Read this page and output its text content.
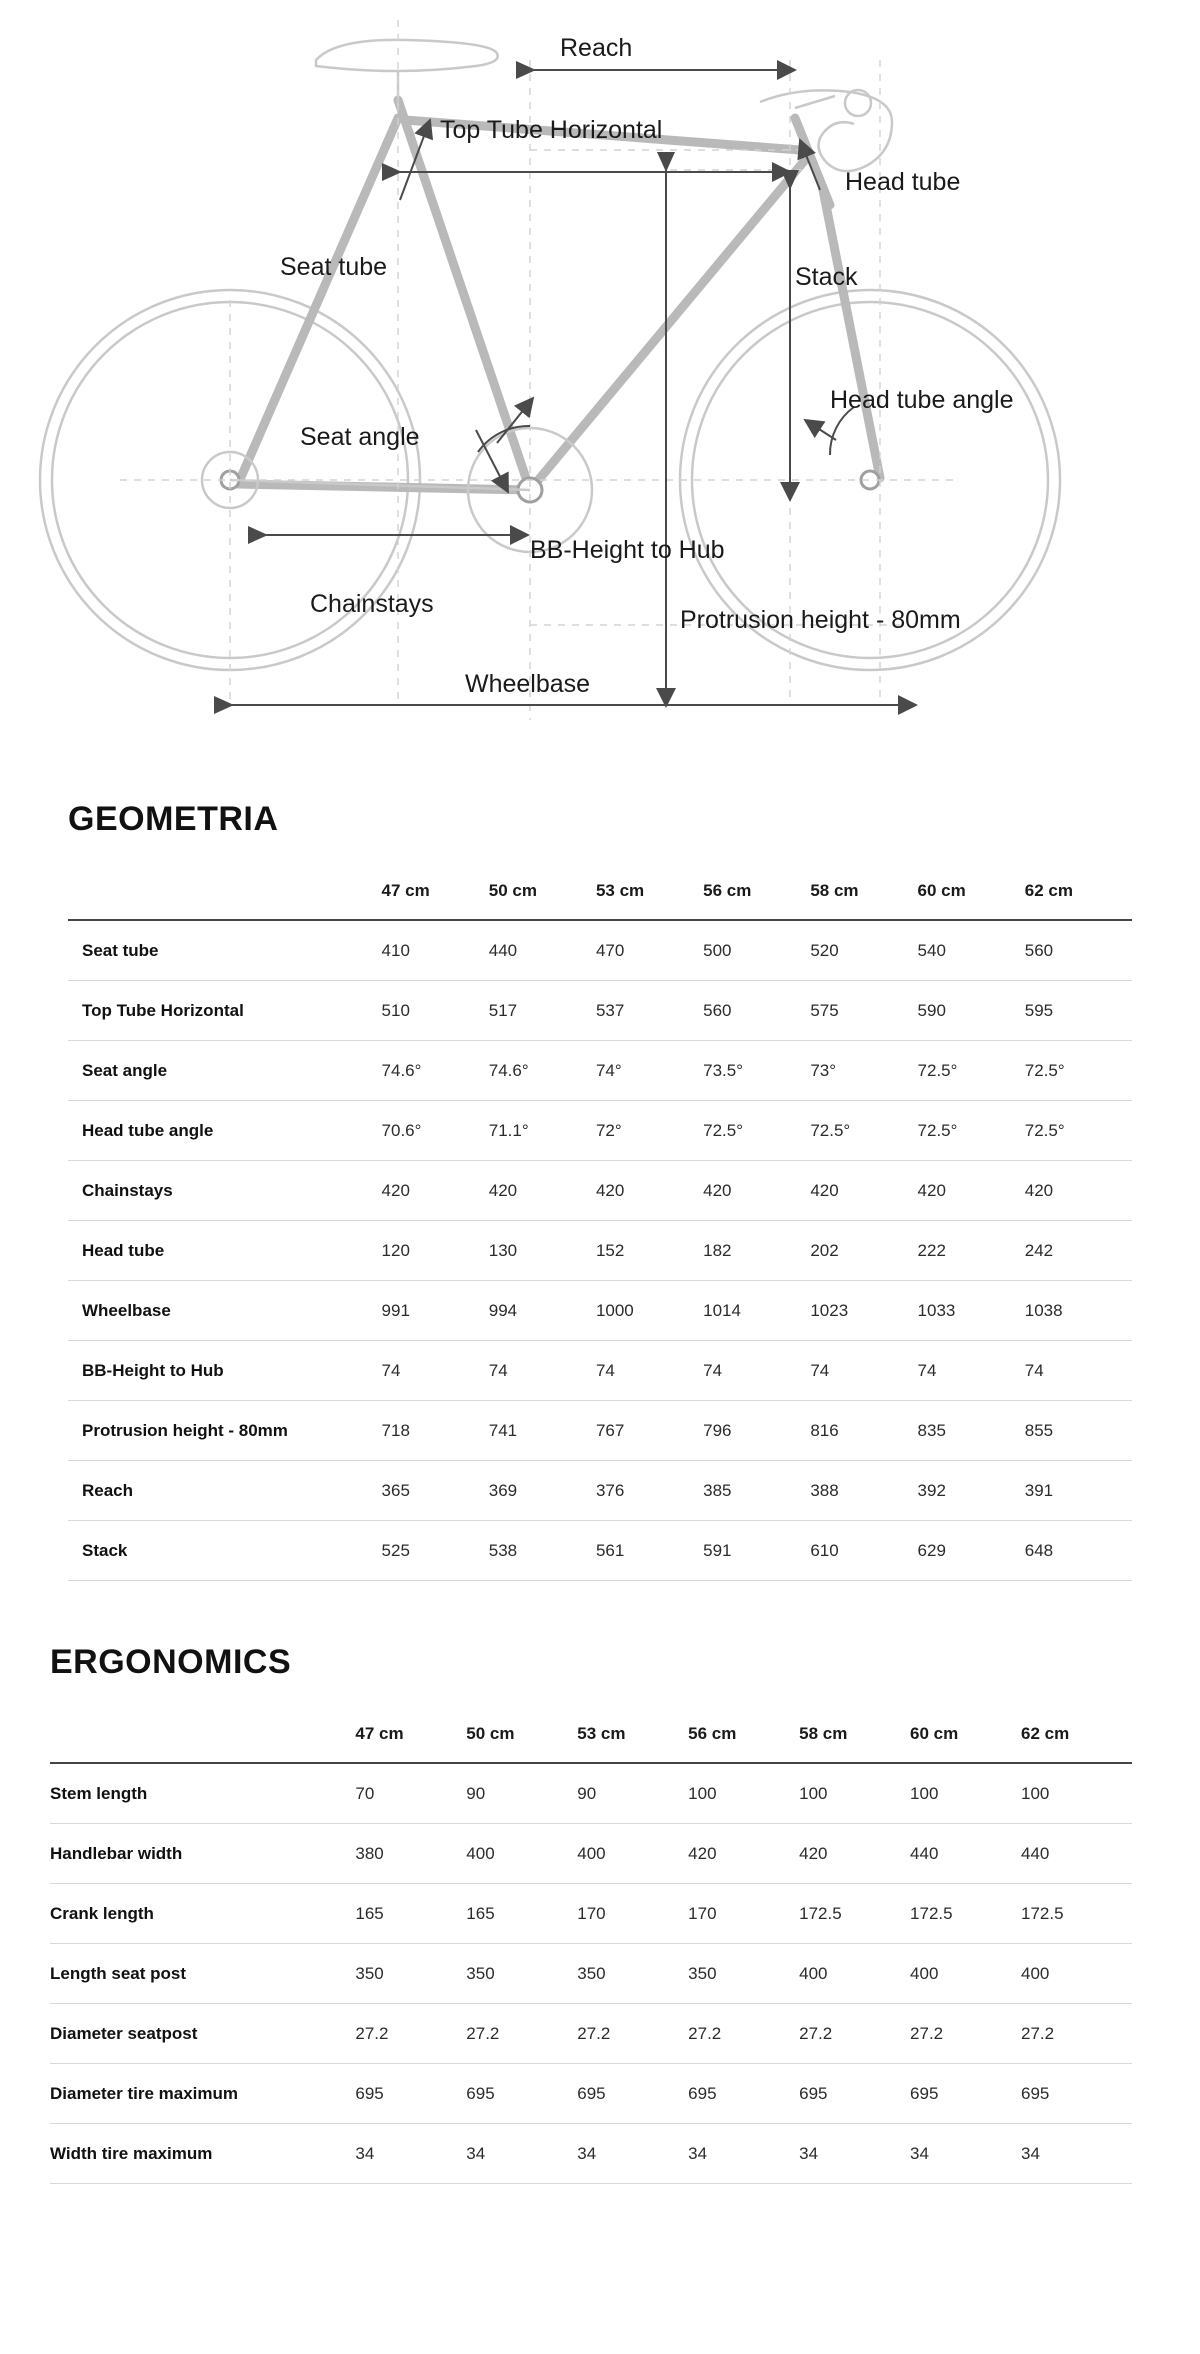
Reach
Top Tube Horizontal
Head tube
Seat tube	Stack
Head tube angle
Seat angle
BB-Height to Hub
Chainstays
Protrusion height - 80mm
Wheelbase
GEOMETRIA
	47 cm	50 cm	53 cm	56 cm	58 cm	60 cm	62 cm
Seat tube	410	440	470	500	520	540	560
Top Tube Horizontal	510	517	537	560	575	590	595
Seat angle	74.6°	74.6°	74°	73.5°	73°	72.5°	72.5°
Head tube angle	70.6°	71.1°	72°	72.5°	72.5°	72.5°	72.5°
Chainstays	420	420	420	420	420	420	420
Head tube	120	130	152	182	202	222	242
Wheelbase	991	994	1000	1014	1023	1033	1038
BB-Height to Hub	74	74	74	74	74	74	74
Protrusion height - 80mm	718	741	767	796	816	835	855
Reach	365	369	376	385	388	392	391
Stack	525	538	561	591	610	629	648
ERGONOMICS
	47 cm	50 cm	53 cm	56 cm	58 cm	60 cm	62 cm
Stem length	70	90	90	100	100	100	100
Handlebar width	380	400	400	420	420	440	440
Crank length	165	165	170	170	172.5	172.5	172.5
Length seat post	350	350	350	350	400	400	400
Diameter seatpost	27.2	27.2	27.2	27.2	27.2	27.2	27.2
Diameter tire maximum	695	695	695	695	695	695	695
Width tire maximum	34	34	34	34	34	34	34
